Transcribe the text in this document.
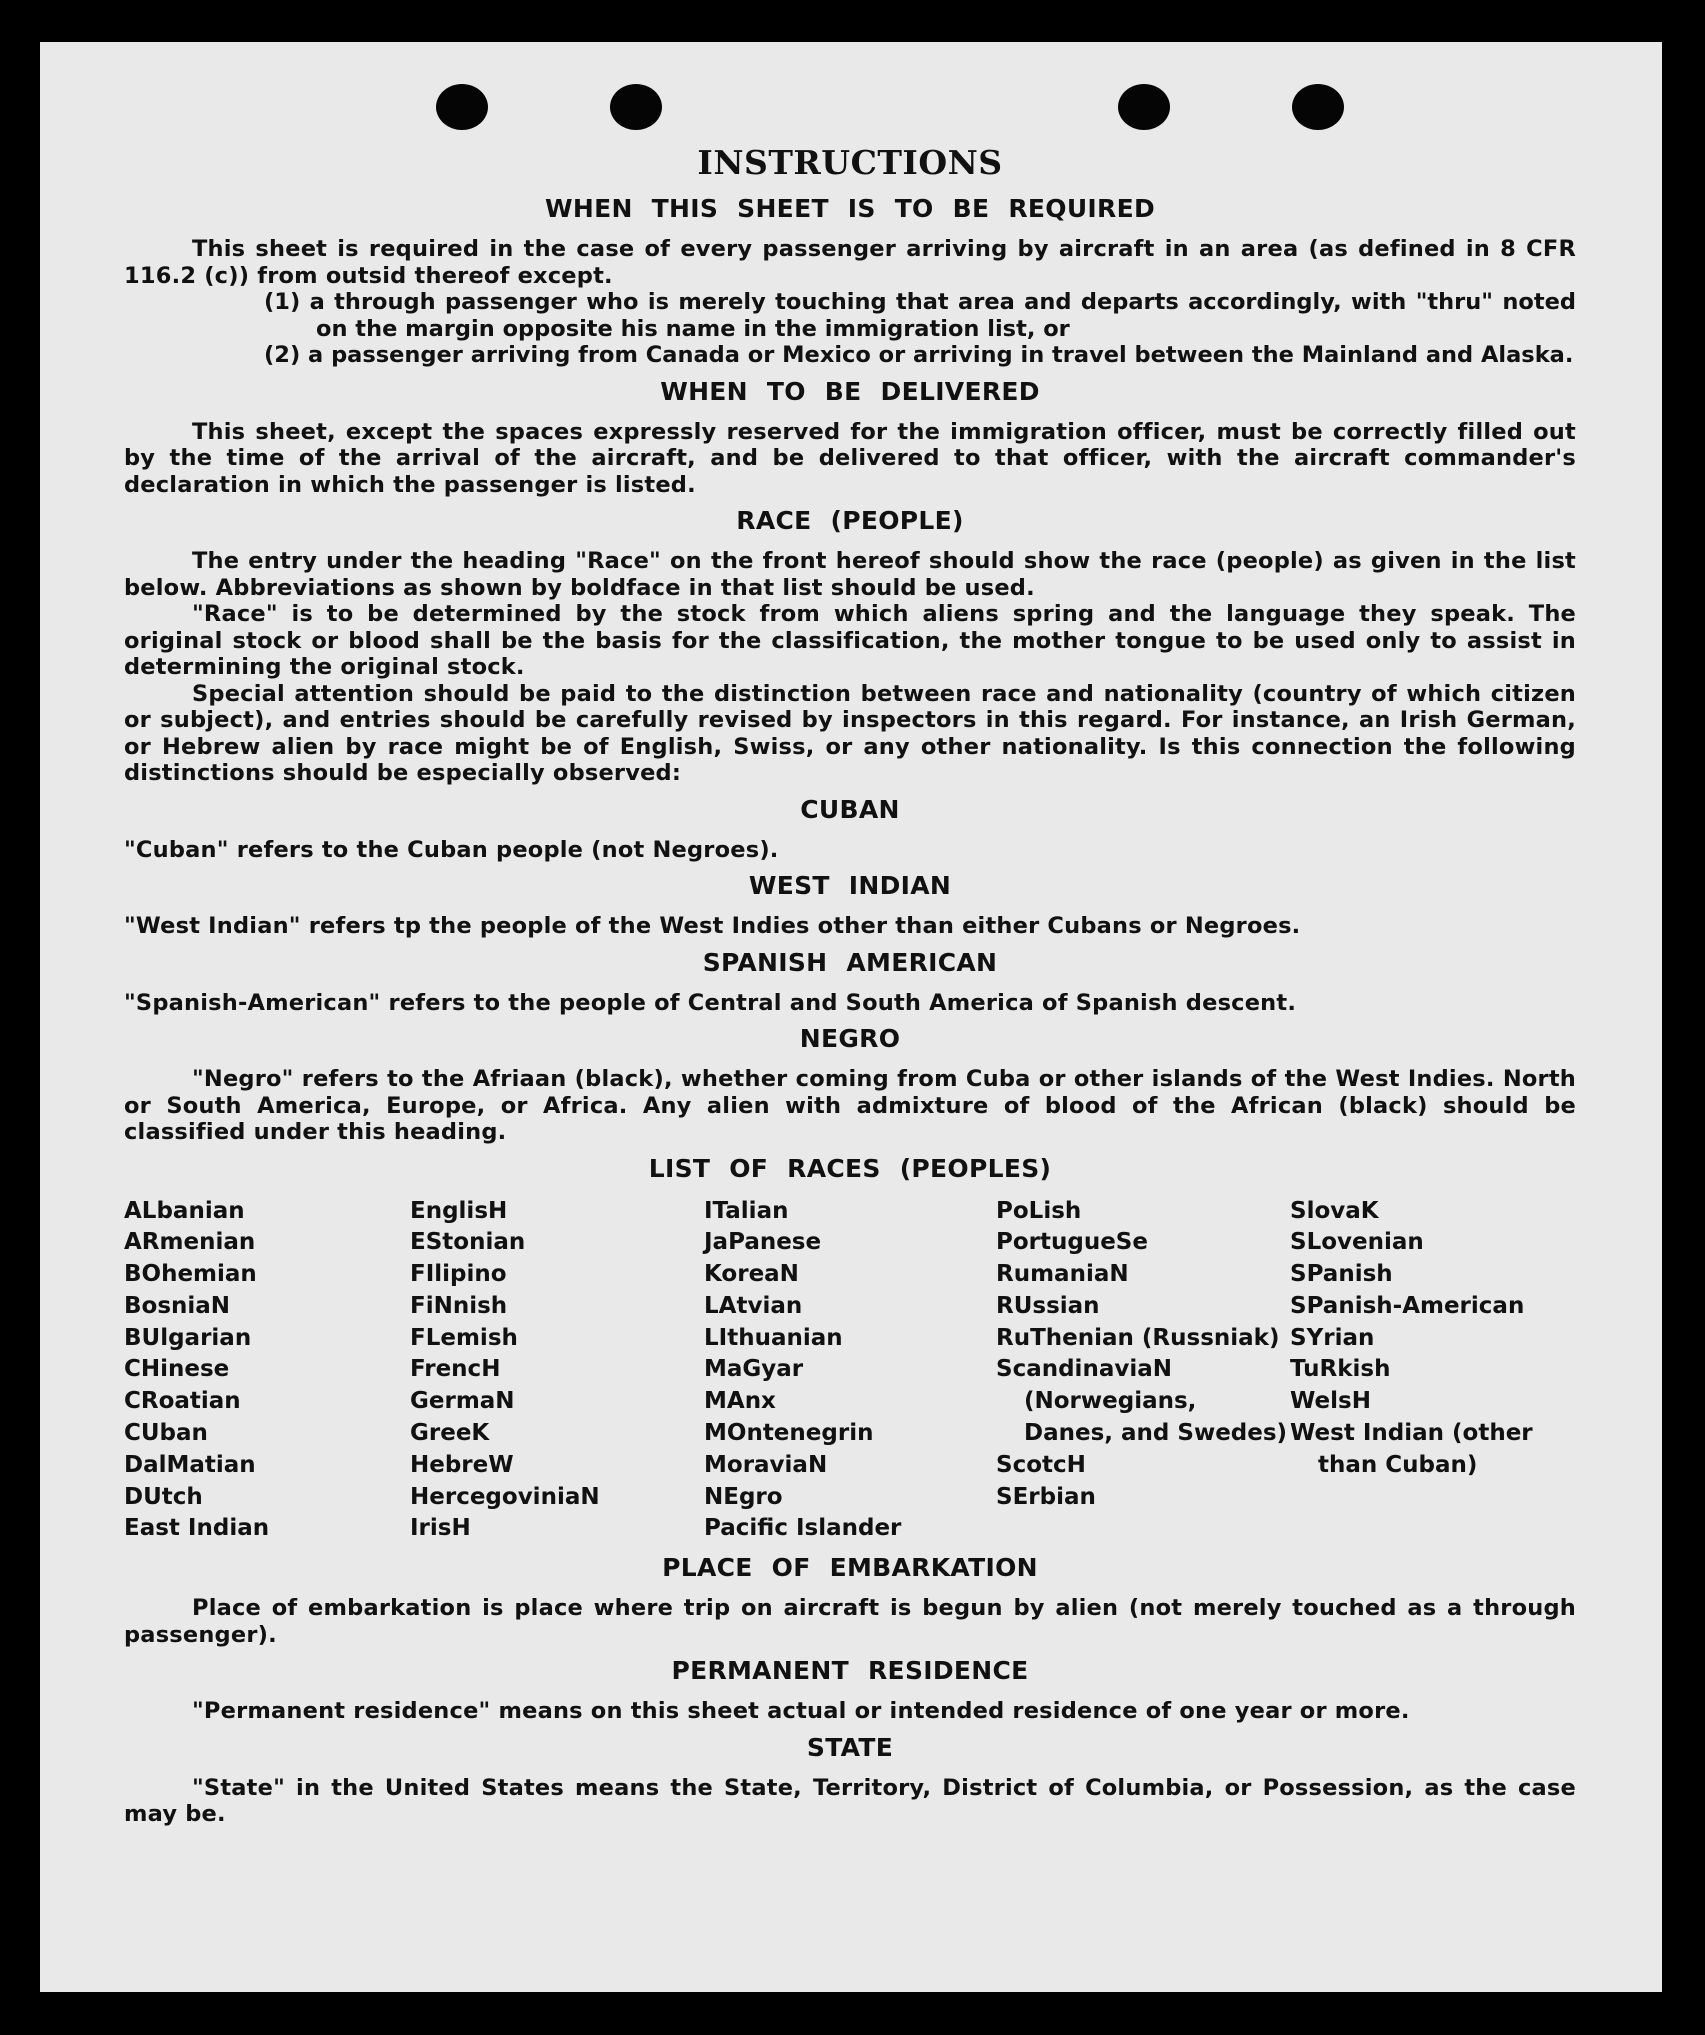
INSTRUCTIONS
WHEN THIS SHEET IS TO BE REQUIRED

This sheet is required in the case of every passenger arriving by aircraft in an area (as defined in 8 CFR 116.2 (c)) from outsid thereof except.

(1) a through passenger who is merely touching that area and departs accordingly, with "thru" noted on the margin opposite his name in the immigration list, or
(2) a passenger arriving from Canada or Mexico or arriving in travel between the Mainland and Alaska.
WHEN TO BE DELIVERED

This sheet, except the spaces expressly reserved for the immigration officer, must be correctly filled out by the time of the arrival of the aircraft, and be delivered to that officer, with the aircraft commander's declaration in which the passenger is listed.

RACE (PEOPLE)

The entry under the heading "Race" on the front hereof should show the race (people) as given in the list below. Abbreviations as shown by boldface in that list should be used.

"Race" is to be determined by the stock from which aliens spring and the language they speak. The original stock or blood shall be the basis for the classification, the mother tongue to be used only to assist in determining the original stock.

Special attention should be paid to the distinction between race and nationality (country of which citizen or subject), and entries should be carefully revised by inspectors in this regard. For instance, an Irish German, or Hebrew alien by race might be of English, Swiss, or any other nationality. Is this connection the following distinctions should be especially observed:

CUBAN

"Cuban" refers to the Cuban people (not Negroes).

WEST INDIAN

"West Indian" refers tp the people of the West Indies other than either Cubans or Negroes.

SPANISH AMERICAN

"Spanish-American" refers to the people of Central and South America of Spanish descent.

NEGRO

"Negro" refers to the Afriaan (black), whether coming from Cuba or other islands of the West Indies. North or South America, Europe, or Africa. Any alien with admixture of blood of the African (black) should be classified under this heading.

LIST OF RACES (PEOPLES)
ALbanian
ARmenian
BOhemian
BosniaN
BUlgarian
CHinese
CRoatian
CUban
DalMatian
DUtch
East Indian
EnglisH
EStonian
FIlipino
FiNnish
FLemish
FrencH
GermaN
GreeK
HebreW
HercegoviniaN
IrisH
ITalian
JaPanese
KoreaN
LAtvian
LIthuanian
MaGyar
MAnx
MOntenegrin
MoraviaN
NEgro
Pacific Islander
PoLish
PortugueSe
RumaniaN
RUssian
RuThenian (Russniak)
ScandinaviaN (Norwegians, Danes, and Swedes)
ScotcH
SErbian
SlovaK
SLovenian
SPanish
SPanish-American
SYrian
TuRkish
WelsH
West Indian (other than Cuban)
PLACE OF EMBARKATION

Place of embarkation is place where trip on aircraft is begun by alien (not merely touched as a through passenger).

PERMANENT RESIDENCE

"Permanent residence" means on this sheet actual or intended residence of one year or more.

STATE

"State" in the United States means the State, Territory, District of Columbia, or Possession, as the case may be.
